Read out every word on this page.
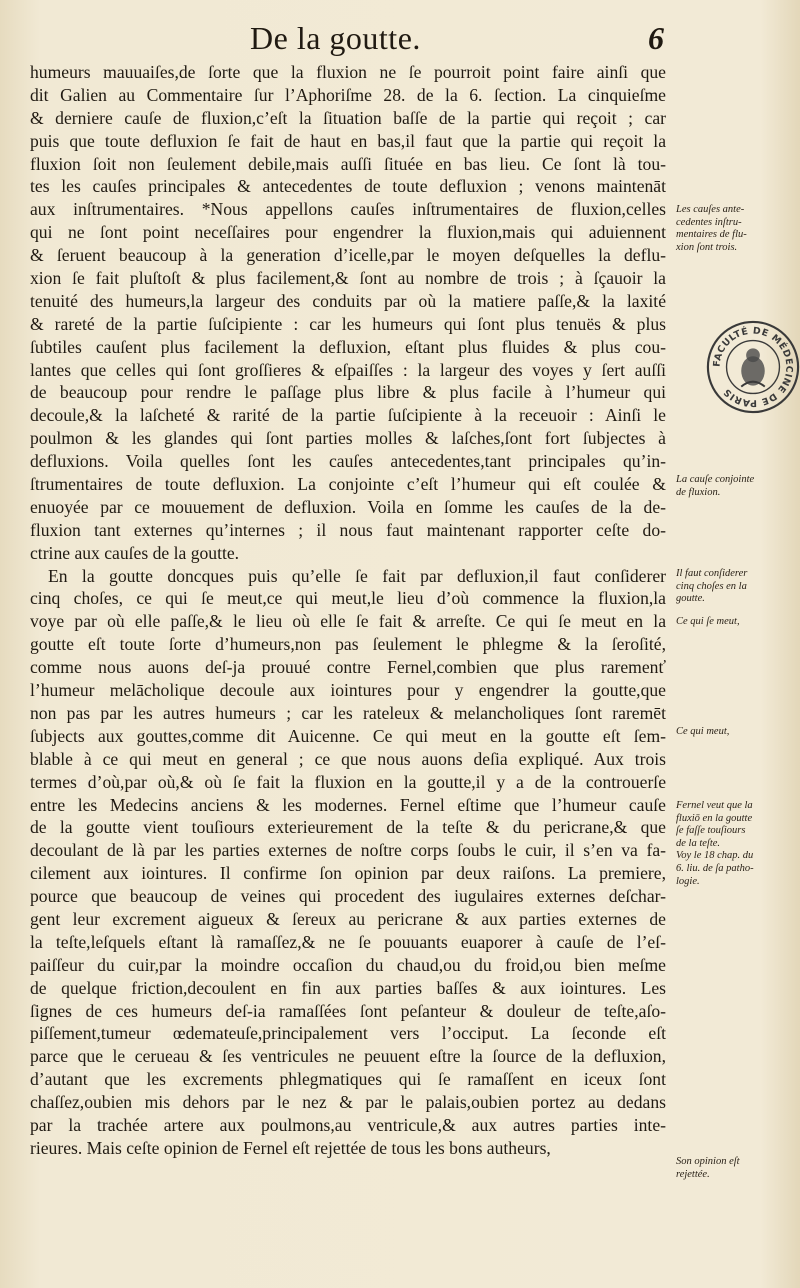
De la goutte.	6
humeurs mauuaiſes,de ſorte que la fluxion ne ſe pourroit point faire ainſi que
dit Galien au Commentaire ſur l’Aphoriſme 28. de la 6. ſection. La cinquieſme
& derniere cauſe de fluxion,c’eſt la ſituation baſſe de la partie qui reçoit ; car
puis que toute defluxion ſe fait de haut en bas,il faut que la partie qui reçoit la
fluxion ſoit non ſeulement debile,mais auſſi ſituée en bas lieu. Ce ſont là tou-
tes les cauſes principales & antecedentes de toute defluxion ; venons maintenāt
aux inſtrumentaires. *Nous appellons cauſes inſtrumentaires de fluxion,celles
qui ne ſont point neceſſaires pour engendrer la fluxion,mais qui aduiennent
& ſeruent beaucoup à la generation d’icelle,par le moyen deſquelles la deflu-
xion ſe fait pluſtoſt & plus facilement,& ſont au nombre de trois ; à ſçauoir la
tenuité des humeurs,la largeur des conduits par où la matiere paſſe,& la laxité
& rareté de la partie ſuſcipiente : car les humeurs qui ſont plus tenuës & plus
ſubtiles cauſent plus facilement la defluxion, eſtant plus fluides & plus cou-
lantes que celles qui ſont groſſieres & eſpaiſſes : la largeur des voyes y ſert auſſi
de beaucoup pour rendre le paſſage plus libre & plus facile à l’humeur qui
decoule,& la laſcheté & rarité de la partie ſuſcipiente à la receuoir : Ainſi le
poulmon & les glandes qui ſont parties molles & laſches,ſont fort ſubjectes à
defluxions. Voila quelles ſont les cauſes antecedentes,tant principales qu’in-
ſtrumentaires de toute defluxion. La conjointe c’eſt l’humeur qui eſt coulée &
enuoyée par ce mouuement de defluxion. Voila en ſomme les cauſes de la de-
fluxion tant externes qu’internes ; il nous faut maintenant rapporter ceſte do-
ctrine aux cauſes de la goutte.
En la goutte doncques puis qu’elle ſe fait par defluxion,il faut conſiderer
cinq choſes, ce qui ſe meut,ce qui meut,le lieu d’où commence la fluxion,la
voye par où elle paſſe,& le lieu où elle ſe fait & arreſte. Ce qui ſe meut en la
goutte eſt toute ſorte d’humeurs,non pas ſeulement le phlegme & la ſeroſité,
comme nous auons deſ-ja prouué contre Fernel,combien que plus raremenť
l’humeur melācholique decoule aux iointures pour y engendrer la goutte,que
non pas par les autres humeurs ; car les rateleux & melancholiques ſont raremēt
ſubjects aux gouttes,comme dit Auicenne. Ce qui meut en la goutte eſt ſem-
blable à ce qui meut en general ; ce que nous auons deſia expliqué. Aux trois
termes d’où,par où,& où ſe fait la fluxion en la goutte,il y a de la controuerſe
entre les Medecins anciens & les modernes. Fernel eſtime que l’humeur cauſe
de la goutte vient touſiours exterieurement de la teſte & du pericrane,& que
decoulant de là par les parties externes de noſtre corps ſoubs le cuir, il s’en va fa-
cilement aux iointures. Il confirme ſon opinion par deux raiſons. La premiere,
pource que beaucoup de veines qui procedent des iugulaires externes deſchar-
gent leur excrement aigueux & ſereux au pericrane & aux parties externes de
la teſte,leſquels eſtant là ramaſſez,& ne ſe pouuants euaporer à cauſe de l’eſ-
paiſſeur du cuir,par la moindre occaſion du chaud,ou du froid,ou bien meſme
de quelque friction,decoulent en fin aux parties baſſes & aux iointures. Les
ſignes de ces humeurs deſ-ia ramaſſées ſont peſanteur & douleur de teſte,aſo-
piſſement,tumeur œdemateuſe,principalement vers l’occiput. La ſeconde eſt
parce que le cerueau & ſes ventricules ne peuuent eſtre la ſource de la defluxion,
d’autant que les excrements phlegmatiques qui ſe ramaſſent en iceux ſont
chaſſez,oubien mis dehors par le nez & par le palais,oubien portez au dedans
par la trachée artere aux poulmons,au ventricule,& aux autres parties inte-
rieures. Mais ceſte opinion de Fernel eſt rejettée de tous les bons autheurs,
Les cauſes ante-
cedentes inſtru-
mentaires de flu-
xion ſont trois.
La cauſe conjointe
de fluxion.
Il faut conſiderer
cinq choſes en la
goutte.
Ce qui ſe meut,
Ce qui meut,
Fernel veut que la
fluxiō en la goutte
ſe faſſe touſiours
de la teſte.
Voy le 18 chap. du
6. liu. de ſa patho-
logie.
Son opinion eſt
rejettée.
FACULTÉ DE MÉDECINE DE PARIS
